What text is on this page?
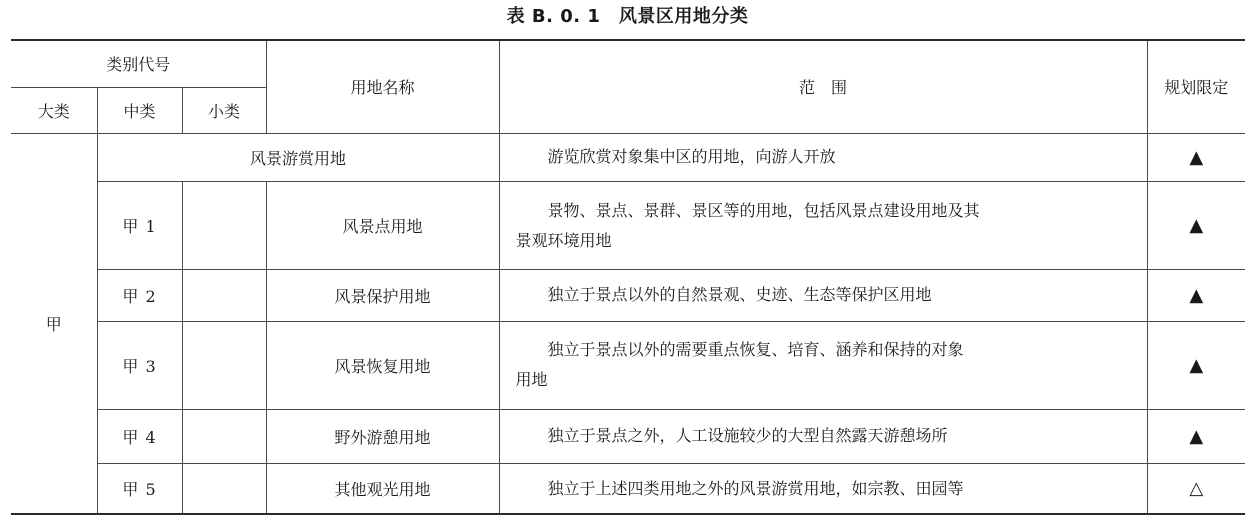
表 B. 0. 1　风景区用地分类
类别代号			用地名称	范　围	规划限定
大类	中类	小类			
甲	风景游赏用地			游览欣赏对象集中区的用地，向游人开放	▲
	甲 1		风景点用地	景物、景点、景群、景区等的用地，包括风景点建设用地及其
景观环境用地	▲
	甲 2		风景保护用地	独立于景点以外的自然景观、史迹、生态等保护区用地	▲
	甲 3		风景恢复用地	独立于景点以外的需要重点恢复、培育、涵养和保持的对象
用地	▲
	甲 4		野外游憩用地	独立于景点之外，人工设施较少的大型自然露天游憩场所	▲
	甲 5		其他观光用地	独立于上述四类用地之外的风景游赏用地，如宗教、田园等	△
